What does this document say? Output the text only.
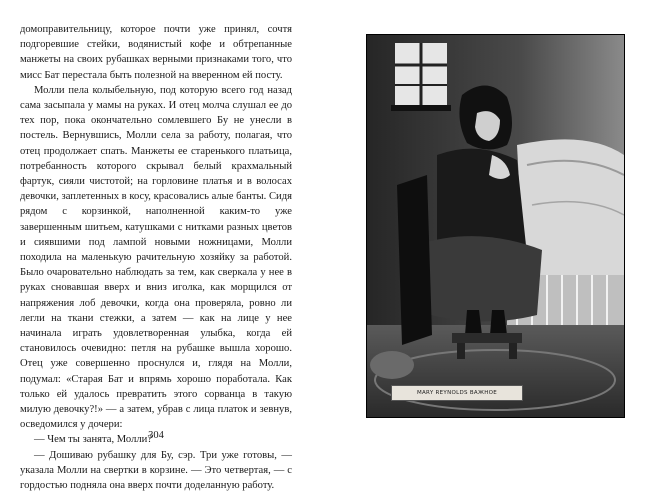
домоправительницу, которое почти уже принял, сочтя подгоревшие стейки, водянистый кофе и обтрепанные манжеты на своих рубашках верными признаками того, что мисс Бат перестала быть полезной на вверенном ей посту.

Молли пела колыбельную, под которую всего год назад сама засыпала у мамы на руках. И отец молча слушал ее до тех пор, пока окончательно сомлевшего Бу не унесли в постель. Вернувшись, Молли села за работу, полагая, что отец продолжает спать. Манжеты ее старенького платьица, потребанность которого скрывал белый крахмальный фартук, сияли чистотой; на горловине платья и в волосах девочки, заплетенных в косу, красовались алые банты. Сидя рядом с корзинкой, наполненной каким-то уже завершенным шитьем, катушками с нитками разных цветов и сиявшими под лампой новыми ножницами, Молли походила на маленькую рачительную хозяйку за работой. Было очаровательно наблюдать за тем, как сверкала у нее в руках сновавшая вверх и вниз иголка, как морщился от напряжения лоб девочки, когда она проверяла, ровно ли легли на ткани стежки, а затем — как на лице у нее начинала играть удовлетворенная улыбка, когда ей становилось очевидно: петля на рубашке вышла хорошо. Отец уже совершенно проснулся и, глядя на Молли, подумал: «Старая Бат и впрямь хорошо поработала. Как только ей удалось превратить этого сорванца в такую милую девочку?!» — а затем, убрав с лица платок и зевнув, осведомился у дочери:

— Чем ты занята, Молли?

— Дошиваю рубашку для Бу, сэр. Три уже готовы, — указала Молли на свертки в корзине. — Это четвертая, — с гордостью подняла она вверх почти доделанную работу.

304
MARY REYNOLDS ВАЖНОЕ
